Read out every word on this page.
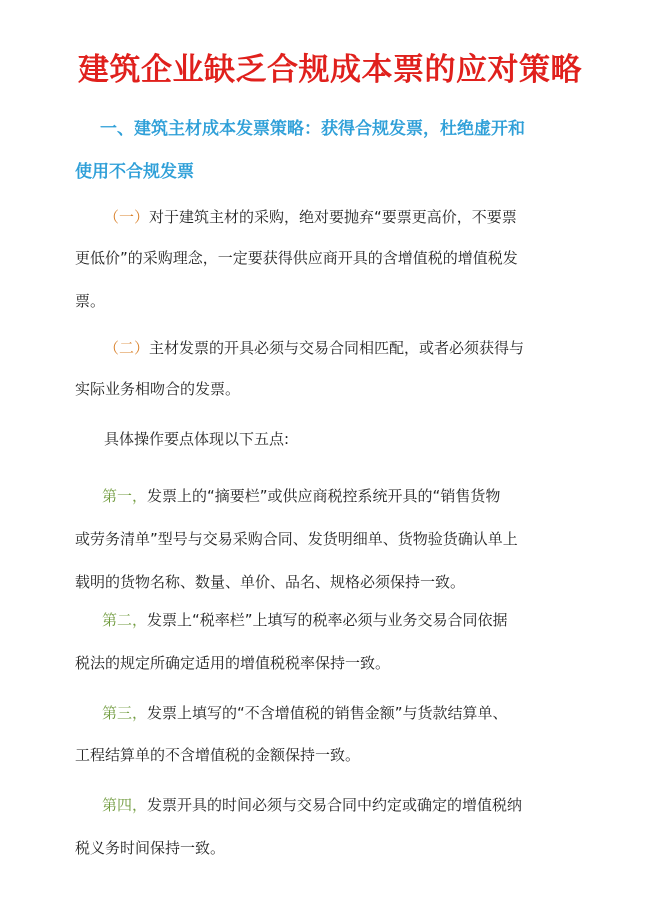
建筑企业缺乏合规成本票的应对策略
一、建筑主材成本发票策略：获得合规发票，杜绝虚开和
使用不合规发票
（一）对于建筑主材的采购，绝对要抛弃“要票更高价，不要票
更低价”的采购理念，一定要获得供应商开具的含增值税的增值税发
票。
（二）主材发票的开具必须与交易合同相匹配，或者必须获得与
实际业务相吻合的发票。
具体操作要点体现以下五点:
第一，发票上的“摘要栏”或供应商税控系统开具的“销售货物
或劳务清单”型号与交易采购合同、发货明细单、货物验货确认单上
载明的货物名称、数量、单价、品名、规格必须保持一致。
第二，发票上“税率栏”上填写的税率必须与业务交易合同依据
税法的规定所确定适用的增值税税率保持一致。
第三，发票上填写的“不含增值税的销售金额”与货款结算单、
工程结算单的不含增值税的金额保持一致。
第四，发票开具的时间必须与交易合同中约定或确定的增值税纳
税义务时间保持一致。
